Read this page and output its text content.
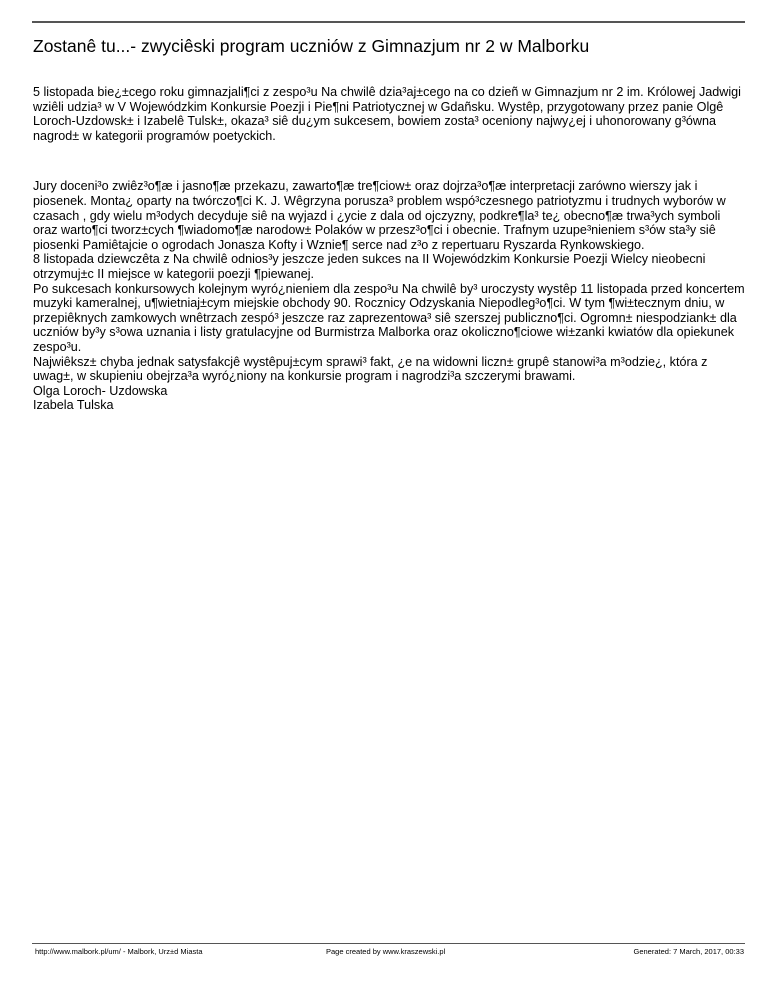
Zostanê tu...- zwyciêski program uczniów z Gimnazjum nr 2 w Malborku

5 listopada bie¿±cego roku gimnazjali¶ci z zespo³u Na chwilê dzia³aj±cego na co dzieñ w Gimnazjum nr 2 im. Królowej Jadwigi wziêli udzia³ w V Wojewódzkim Konkursie Poezji i Pie¶ni Patriotycznej w Gdañsku. Wystêp, przygotowany przez panie Olgê Loroch-Uzdowsk± i Izabelê Tulsk±, okaza³ siê du¿ym sukcesem, bowiem zosta³ oceniony najwy¿ej i uhonorowany g³ówna nagrod± w kategorii programów poetyckich.

Jury doceni³o zwiêz³o¶æ i jasno¶æ przekazu, zawarto¶æ tre¶ciow± oraz dojrza³o¶æ interpretacji zarówno wierszy jak i piosenek. Monta¿ oparty na twórczo¶ci K. J. Wêgrzyna porusza³ problem wspó³czesnego patriotyzmu i trudnych wyborów w czasach , gdy wielu m³odych decyduje siê na wyjazd i ¿ycie z dala od ojczyzny, podkre¶la³ te¿ obecno¶æ trwa³ych symboli oraz warto¶ci tworz±cych ¶wiadomo¶æ narodow± Polaków w przesz³o¶ci i obecnie. Trafnym uzupe³nieniem s³ów sta³y siê piosenki Pamiêtajcie o ogrodach Jonasza Kofty i Wznie¶ serce nad z³o z repertuaru Ryszarda Rynkowskiego.

8 listopada dziewczêta z Na chwilê odnios³y jeszcze jeden sukces na II Wojewódzkim Konkursie Poezji Wielcy nieobecni otrzymuj±c II miejsce w kategorii poezji ¶piewanej.

Po sukcesach konkursowych kolejnym wyró¿nieniem dla zespo³u Na chwilê by³ uroczysty wystêp 11 listopada przed koncertem muzyki kameralnej, u¶wietniaj±cym miejskie obchody 90. Rocznicy Odzyskania Niepodleg³o¶ci. W tym ¶wi±tecznym dniu, w przepiêknych zamkowych wnêtrzach zespó³ jeszcze raz zaprezentowa³ siê szerszej publiczno¶ci. Ogromn± niespodziank± dla uczniów by³y s³owa uznania i listy gratulacyjne od Burmistrza Malborka oraz okoliczno¶ciowe wi±zanki kwiatów dla opiekunek zespo³u.

Najwiêksz± chyba jednak satysfakcjê wystêpuj±cym sprawi³ fakt, ¿e na widowni liczn± grupê stanowi³a m³odzie¿, która z uwag±, w skupieniu obejrza³a wyró¿niony na konkursie program i nagrodzi³a szczerymi brawami.

Olga Loroch- Uzdowska

Izabela Tulska

http://www.malbork.pl/um/ - Malbork, Urz±d Miasta	Page created by www.kraszewski.pl	Generated: 7 March, 2017, 00:33
